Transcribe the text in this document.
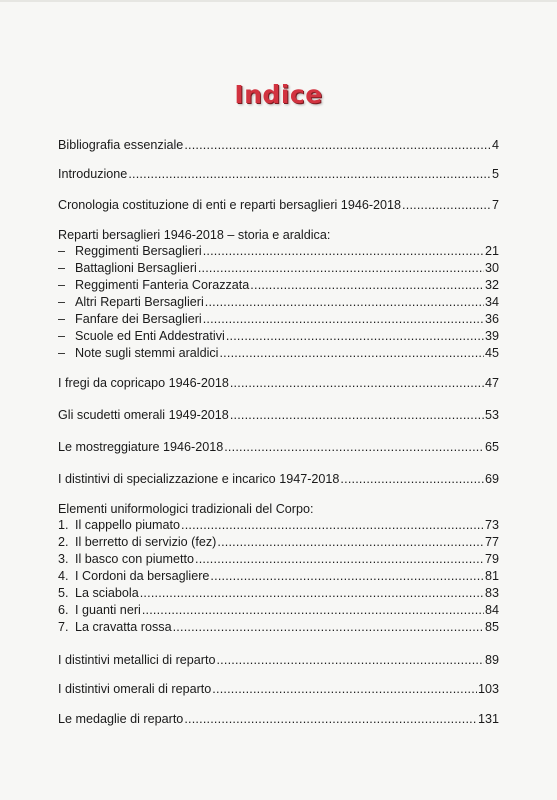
Indice
Bibliografia essenziale .....	4
Introduzione .....	5
Cronologia costituzione di enti e reparti bersaglieri 1946-2018 .....	7
Reparti bersaglieri 1946-2018 – storia e araldica:
– Reggimenti Bersaglieri .....	21
– Battaglioni Bersaglieri .....	30
– Reggimenti Fanteria Corazzata .....	32
– Altri Reparti Bersaglieri .....	34
– Fanfare dei Bersaglieri .....	36
– Scuole ed Enti Addestrativi .....	39
– Note sugli stemmi araldici .....	45
I fregi da copricapo 1946-2018 .....	47
Gli scudetti omerali 1949-2018 .....	53
Le mostreggiature 1946-2018 .....	65
I distintivi di specializzazione e incarico 1947-2018 .....	69
Elementi uniformologici tradizionali del Corpo:
1. Il cappello piumato .....	73
2. Il berretto di servizio (fez) .....	77
3. Il basco con piumetto .....	79
4. I Cordoni da bersagliere .....	81
5. La sciabola .....	83
6. I guanti neri .....	84
7. La cravatta rossa .....	85
I distintivi metallici di reparto .....	89
I distintivi omerali di reparto .....	103
Le medaglie di reparto .....	131
